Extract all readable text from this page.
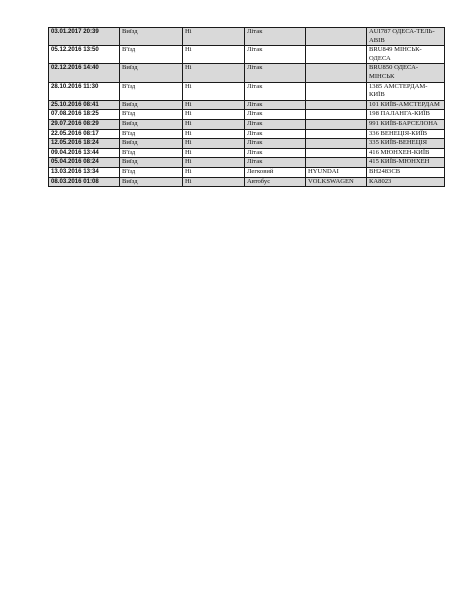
03.01.2017 20:39	Виїзд	Ні	Літак		AUI787 ОДЕСА-ТЕЛЬ-АВІВ
05.12.2016 13:50	В'їзд	Ні	Літак		BRU849 МІНСЬК-ОДЕСА
02.12.2016 14:40	Виїзд	Ні	Літак		BRU850 ОДЕСА-МІНСЬК
28.10.2016 11:30	В'їзд	Ні	Літак		1385 АМСТЕРДАМ-КИЇВ
25.10.2016 08:41	Виїзд	Ні	Літак		101 КИЇВ-АМСТЕРДАМ
07.08.2016 18:25	В'їзд	Ні	Літак		198 ПАЛАНГА-КИЇВ
29.07.2016 08:29	Виїзд	Ні	Літак		991 КИЇВ-БАРСЕЛОНА
22.05.2016 08:17	В'їзд	Ні	Літак		336 ВЕНЕЦІЯ-КИЇВ
12.05.2016 18:24	Виїзд	Ні	Літак		335 КИЇВ-ВЕНЕЦІЯ
09.04.2016 13:44	В'їзд	Ні	Літак		416 МЮНХЕН-КИЇВ
05.04.2016 08:24	Виїзд	Ні	Літак		415 КИЇВ-МЮНХЕН
13.03.2016 13:34	В'їзд	Ні	Легковий	HYUNDAI	ВН2483СВ
08.03.2016 01:08	Виїзд	Ні	Автобус	VOLKSWAGEN	КА8023
